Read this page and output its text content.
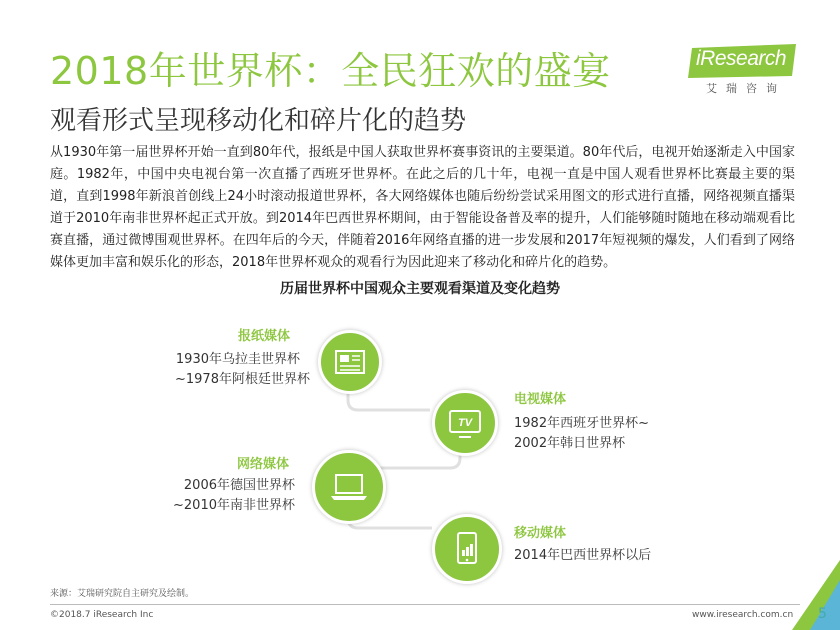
2018年世界杯：全民狂欢的盛宴
观看形式呈现移动化和碎片化的趋势
iResearch
艾瑞咨询
从1930年第一届世界杯开始一直到80年代，报纸是中国人获取世界杯赛事资讯的主要渠道。80年代后，电视开始逐渐走入中国家庭。1982年，中国中央电视台第一次直播了西班牙世界杯。在此之后的几十年，电视一直是中国人观看世界杯比赛最主要的渠道，直到1998年新浪首创线上24小时滚动报道世界杯，各大网络媒体也随后纷纷尝试采用图文的形式进行直播，网络视频直播渠道于2010年南非世界杯起正式开放。到2014年巴西世界杯期间，由于智能设备普及率的提升，人们能够随时随地在移动端观看比赛直播，通过微博围观世界杯。在四年后的今天，伴随着2016年网络直播的进一步发展和2017年短视频的爆发，人们看到了网络媒体更加丰富和娱乐化的形态，2018年世界杯观众的观看行为因此迎来了移动化和碎片化的趋势。
历届世界杯中国观众主要观看渠道及变化趋势
报纸媒体
1930年乌拉圭世界杯
~1978年阿根廷世界杯
电视媒体
1982年西班牙世界杯~
2002年韩日世界杯
TV
网络媒体
2006年德国世界杯
~2010年南非世界杯
移动媒体
2014年巴西世界杯以后
来源：艾瑞研究院自主研究及绘制。
©2018.7 iResearch Inc	www.iresearch.com.cn 5
